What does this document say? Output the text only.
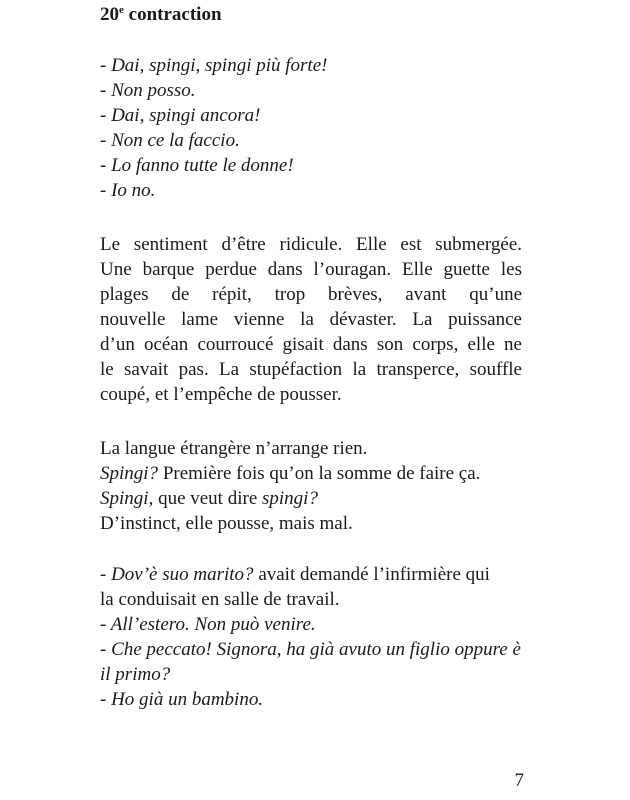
20e contraction

- Dai, spingi, spingi più forte!

- Non posso.

- Dai, spingi ancora!

- Non ce la faccio.

- Lo fanno tutte le donne!

- Io no.

Le sentiment d’être ridicule. Elle est submergée.
Une barque perdue dans l’ouragan. Elle guette les
plages de répit, trop brèves, avant qu’une
nouvelle lame vienne la dévaster. La puissance
d’un océan courroucé gisait dans son corps, elle ne
le savait pas. La stupéfaction la transperce, souffle
coupé, et l’empêche de pousser.

La langue étrangère n’arrange rien.

Spingi? Première fois qu’on la somme de faire ça.

Spingi, que veut dire spingi?

D’instinct, elle pousse, mais mal.

- Dov’è suo marito? avait demandé l’infirmière qui

la conduisait en salle de travail.

- All’estero. Non può venire.

- Che peccato! Signora, ha già avuto un figlio oppure è

il primo?

- Ho già un bambino.

7
